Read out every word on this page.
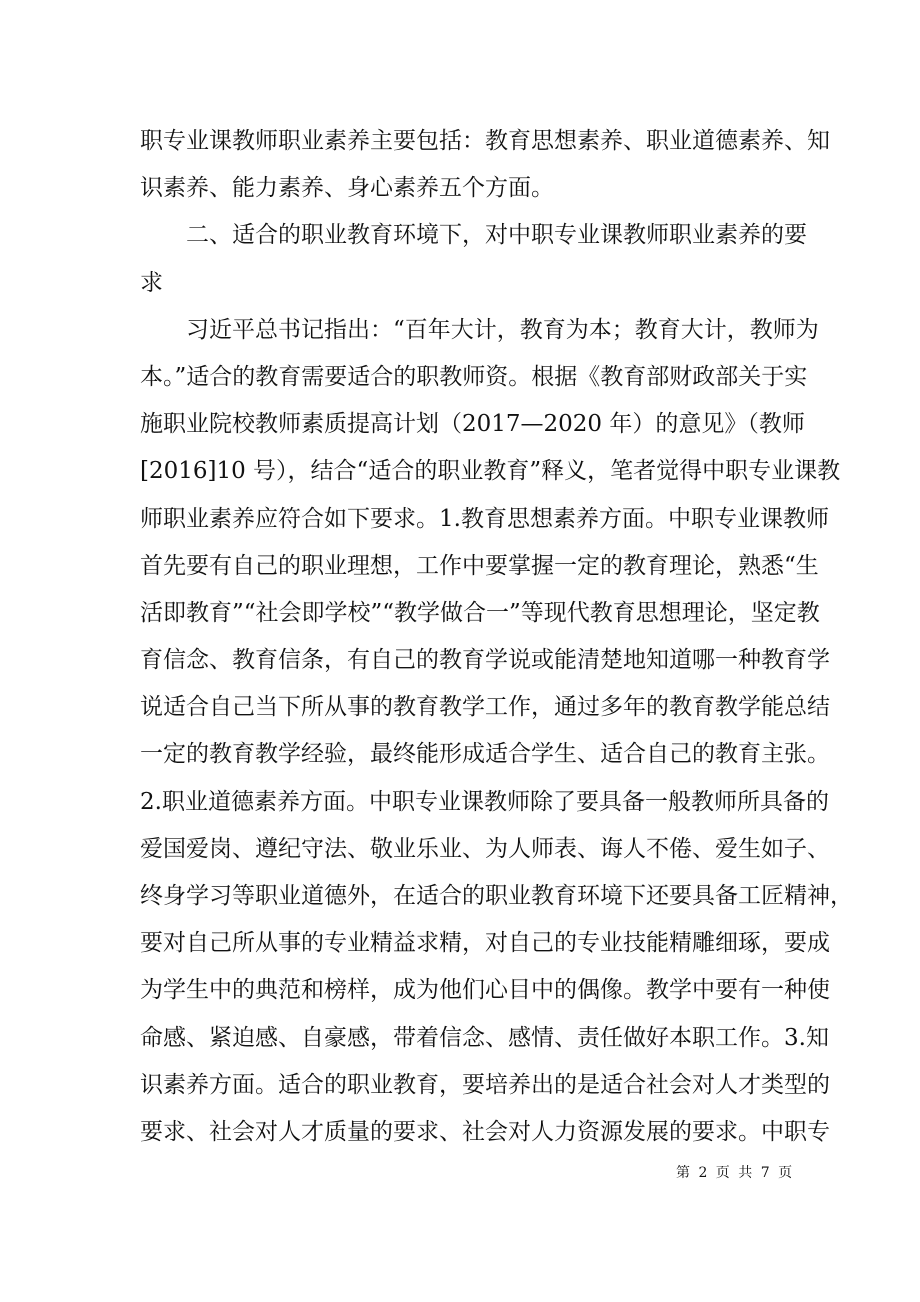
职专业课教师职业素养主要包括：教育思想素养、职业道德素养、知
识素养、能力素养、身心素养五个方面。
　　二、适合的职业教育环境下，对中职专业课教师职业素养的要
求
　　习近平总书记指出：“百年大计，教育为本；教育大计，教师为
本。”适合的教育需要适合的职教师资。根据《教育部财政部关于实
施职业院校教师素质提高计划（2017—2020 年）的意见》（教师
[2016]10 号），结合“适合的职业教育”释义，笔者觉得中职专业课教
师职业素养应符合如下要求。1.教育思想素养方面。中职专业课教师
首先要有自己的职业理想，工作中要掌握一定的教育理论，熟悉“生
活即教育”“社会即学校”“教学做合一”等现代教育思想理论，坚定教
育信念、教育信条，有自己的教育学说或能清楚地知道哪一种教育学
说适合自己当下所从事的教育教学工作，通过多年的教育教学能总结
一定的教育教学经验，最终能形成适合学生、适合自己的教育主张。
2.职业道德素养方面。中职专业课教师除了要具备一般教师所具备的
爱国爱岗、遵纪守法、敬业乐业、为人师表、诲人不倦、爱生如子、
终身学习等职业道德外，在适合的职业教育环境下还要具备工匠精神，
要对自己所从事的专业精益求精，对自己的专业技能精雕细琢，要成
为学生中的典范和榜样，成为他们心目中的偶像。教学中要有一种使
命感、紧迫感、自豪感，带着信念、感情、责任做好本职工作。3.知
识素养方面。适合的职业教育，要培养出的是适合社会对人才类型的
要求、社会对人才质量的要求、社会对人力资源发展的要求。中职专
第 2 页 共 7 页
